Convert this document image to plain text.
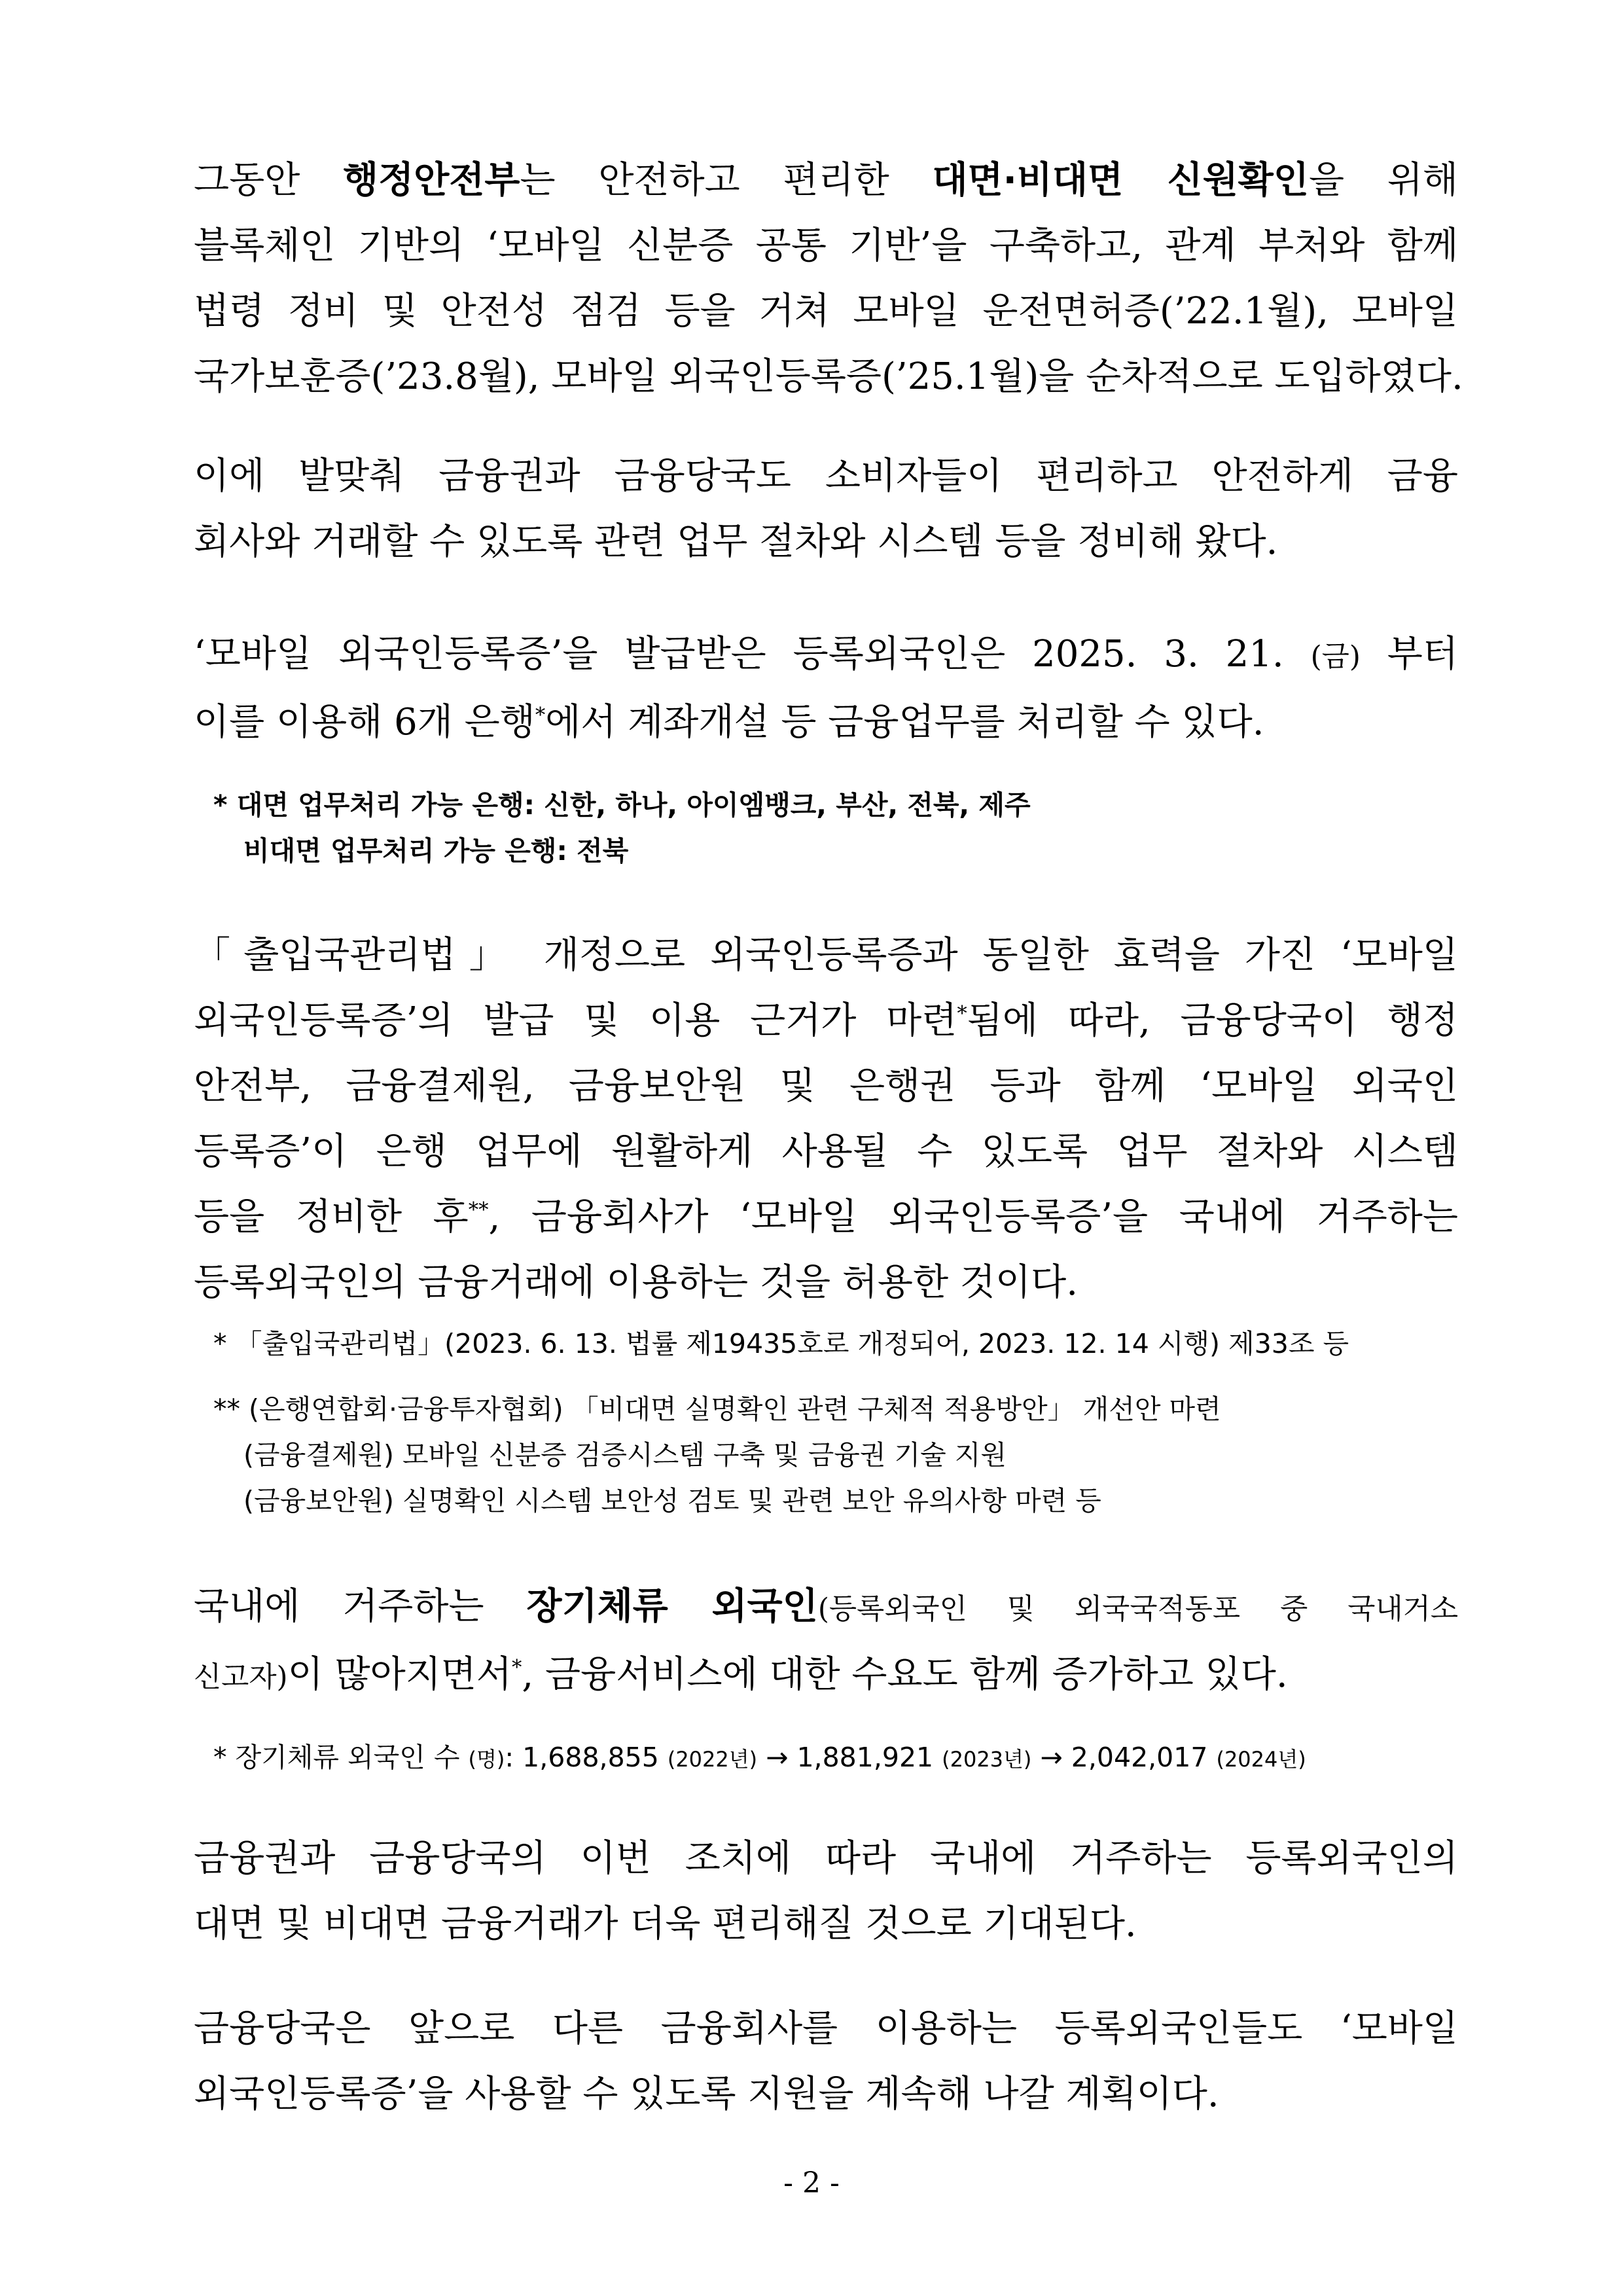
그동안 행정안전부는 안전하고 편리한 대면·비대면 신원확인을 위해
블록체인 기반의 ‘모바일 신분증 공통 기반’을 구축하고, 관계 부처와 함께
법령 정비 및 안전성 점검 등을 거쳐 모바일 운전면허증(’22.1월), 모바일
국가보훈증(’23.8월), 모바일 외국인등록증(’25.1월)을 순차적으로 도입하였다.
이에 발맞춰 금융권과 금융당국도 소비자들이 편리하고 안전하게 금융
회사와 거래할 수 있도록 관련 업무 절차와 시스템 등을 정비해 왔다.
‘모바일 외국인등록증’을 발급받은 등록외국인은 2025. 3. 21. (금) 부터
이를 이용해 6개 은행*에서 계좌개설 등 금융업무를 처리할 수 있다.
* 대면 업무처리 가능 은행: 신한, 하나, 아이엠뱅크, 부산, 전북, 제주
비대면 업무처리 가능 은행: 전북
「출입국관리법」 개정으로 외국인등록증과 동일한 효력을 가진 ‘모바일
외국인등록증’의 발급 및 이용 근거가 마련*됨에 따라, 금융당국이 행정
안전부, 금융결제원, 금융보안원 및 은행권 등과 함께 ‘모바일 외국인
등록증’이 은행 업무에 원활하게 사용될 수 있도록 업무 절차와 시스템
등을 정비한 후**, 금융회사가 ‘모바일 외국인등록증’을 국내에 거주하는
등록외국인의 금융거래에 이용하는 것을 허용한 것이다.
* 「출입국관리법」(2023. 6. 13. 법률 제19435호로 개정되어, 2023. 12. 14 시행) 제33조 등
** (은행연합회·금융투자협회) 「비대면 실명확인 관련 구체적 적용방안」 개선안 마련
(금융결제원) 모바일 신분증 검증시스템 구축 및 금융권 기술 지원
(금융보안원) 실명확인 시스템 보안성 검토 및 관련 보안 유의사항 마련 등
국내에 거주하는 장기체류 외국인(등록외국인 및 외국국적동포 중 국내거소
신고자)이 많아지면서*, 금융서비스에 대한 수요도 함께 증가하고 있다.
* 장기체류 외국인 수 (명): 1,688,855 (2022년) → 1,881,921 (2023년) → 2,042,017 (2024년)
금융권과 금융당국의 이번 조치에 따라 국내에 거주하는 등록외국인의
대면 및 비대면 금융거래가 더욱 편리해질 것으로 기대된다.
금융당국은 앞으로 다른 금융회사를 이용하는 등록외국인들도 ‘모바일
외국인등록증’을 사용할 수 있도록 지원을 계속해 나갈 계획이다.
- 2 -
